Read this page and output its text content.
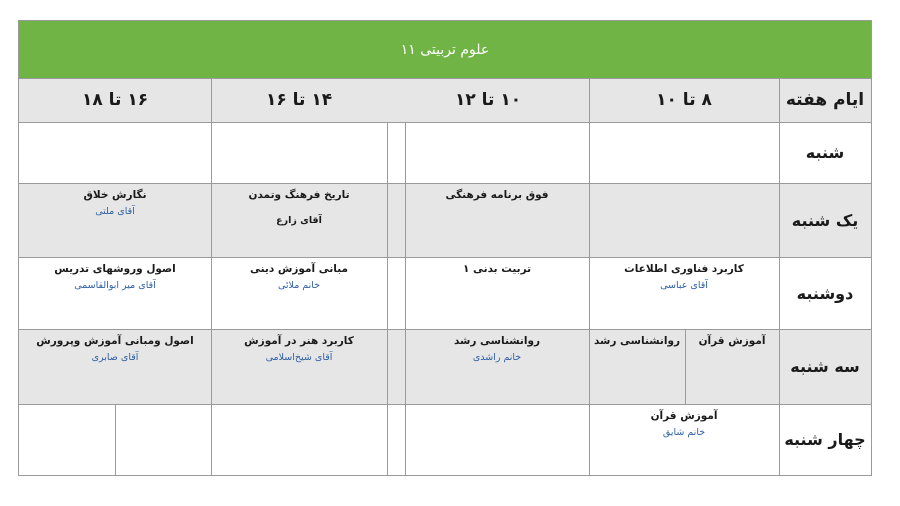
علوم تربیتی ۱۱
ایام هفته
۸ تا ۱۰
۱۰ تا ۱۲
۱۴ تا ۱۶
۱۶ تا ۱۸
شنبه
یک شنبه
دوشنبه
سه شنبه
چهار شنبه
فوق برنامه فرهنگی
تاریخ فرهنگ وتمدن
آقای زارع
نگارش خلاق
آقای ملتی
کاربرد فناوری اطلاعات
آقای عباسی
تربیت بدنی ۱
مبانی آموزش دینی
خانم ملائی
اصول وروشهای تدریس
آقای میر ابوالقاسمی
آموزش قرآن
روانشناسی رشد
روانشناسی رشد
خانم راشدی
کاربرد هنر در آموزش
آقای شیخ‌اسلامی
اصول ومبانی آموزش وپرورش
آقای صابری
آموزش قرآن
خانم شایق
